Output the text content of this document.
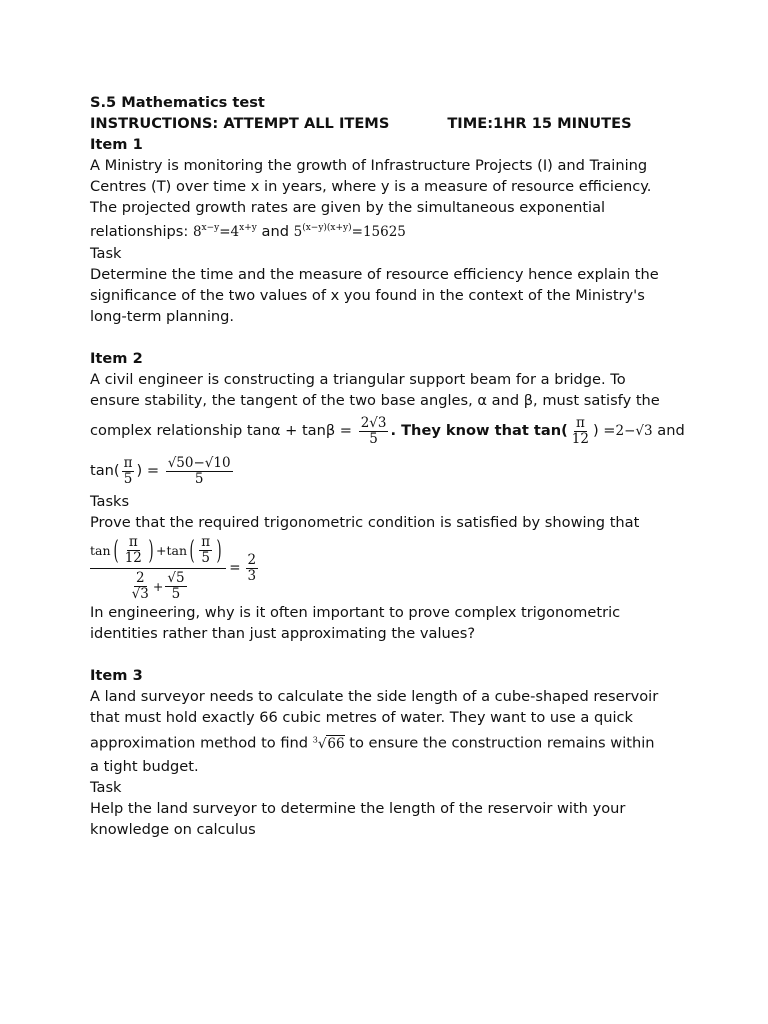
S.5 Mathematics test

INSTRUCTIONS: ATTEMPT ALL ITEMS	TIME:1HR 15 MINUTES

Item 1

A Ministry is monitoring the growth of Infrastructure Projects (I) and Training

Centres (T) over time x in years, where y is a measure of resource efficiency.

The projected growth rates are given by the simultaneous exponential

relationships: $8^{x-y}=4^{x+y}$ and $5^{(x-y)(x+y)}=15625$

Task

Determine the time and the measure of resource efficiency hence explain the

significance of the two values of x you found in the context of the Ministry's

long-term planning.

Item 2

A civil engineer is constructing a triangular support beam for a bridge. To

ensure stability, the tangent of the two base angles, α and β, must satisfy the

complex relationship $\tan\alpha + \tan\beta = \frac{2√3}{5}$ . They know that $\tan( \frac{\pi}{12}$ ) =2−√3 and

$\tan( \frac{\pi}{5}$ ) = $\frac{√50-√10}{5}$

Tasks

Prove that the required trigonometric condition is satisfied by showing that

tan ( $\frac{\pi}{12}$ ) + tan ( $\frac{\pi}{5}$ )
$\frac{2}{√3} + \frac{√5}{5}$
= $\frac{2}{3}$

In engineering, why is it often important to prove complex trigonometric

identities rather than just approximating the values?

Item 3

A land surveyor needs to calculate the side length of a cube-shaped reservoir

that must hold exactly 66 cubic metres of water. They want to use a quick

approximation method to find $^3$√66 to ensure the construction remains within

a tight budget.

Task

Help the land surveyor to determine the length of the reservoir with your

knowledge on calculus
